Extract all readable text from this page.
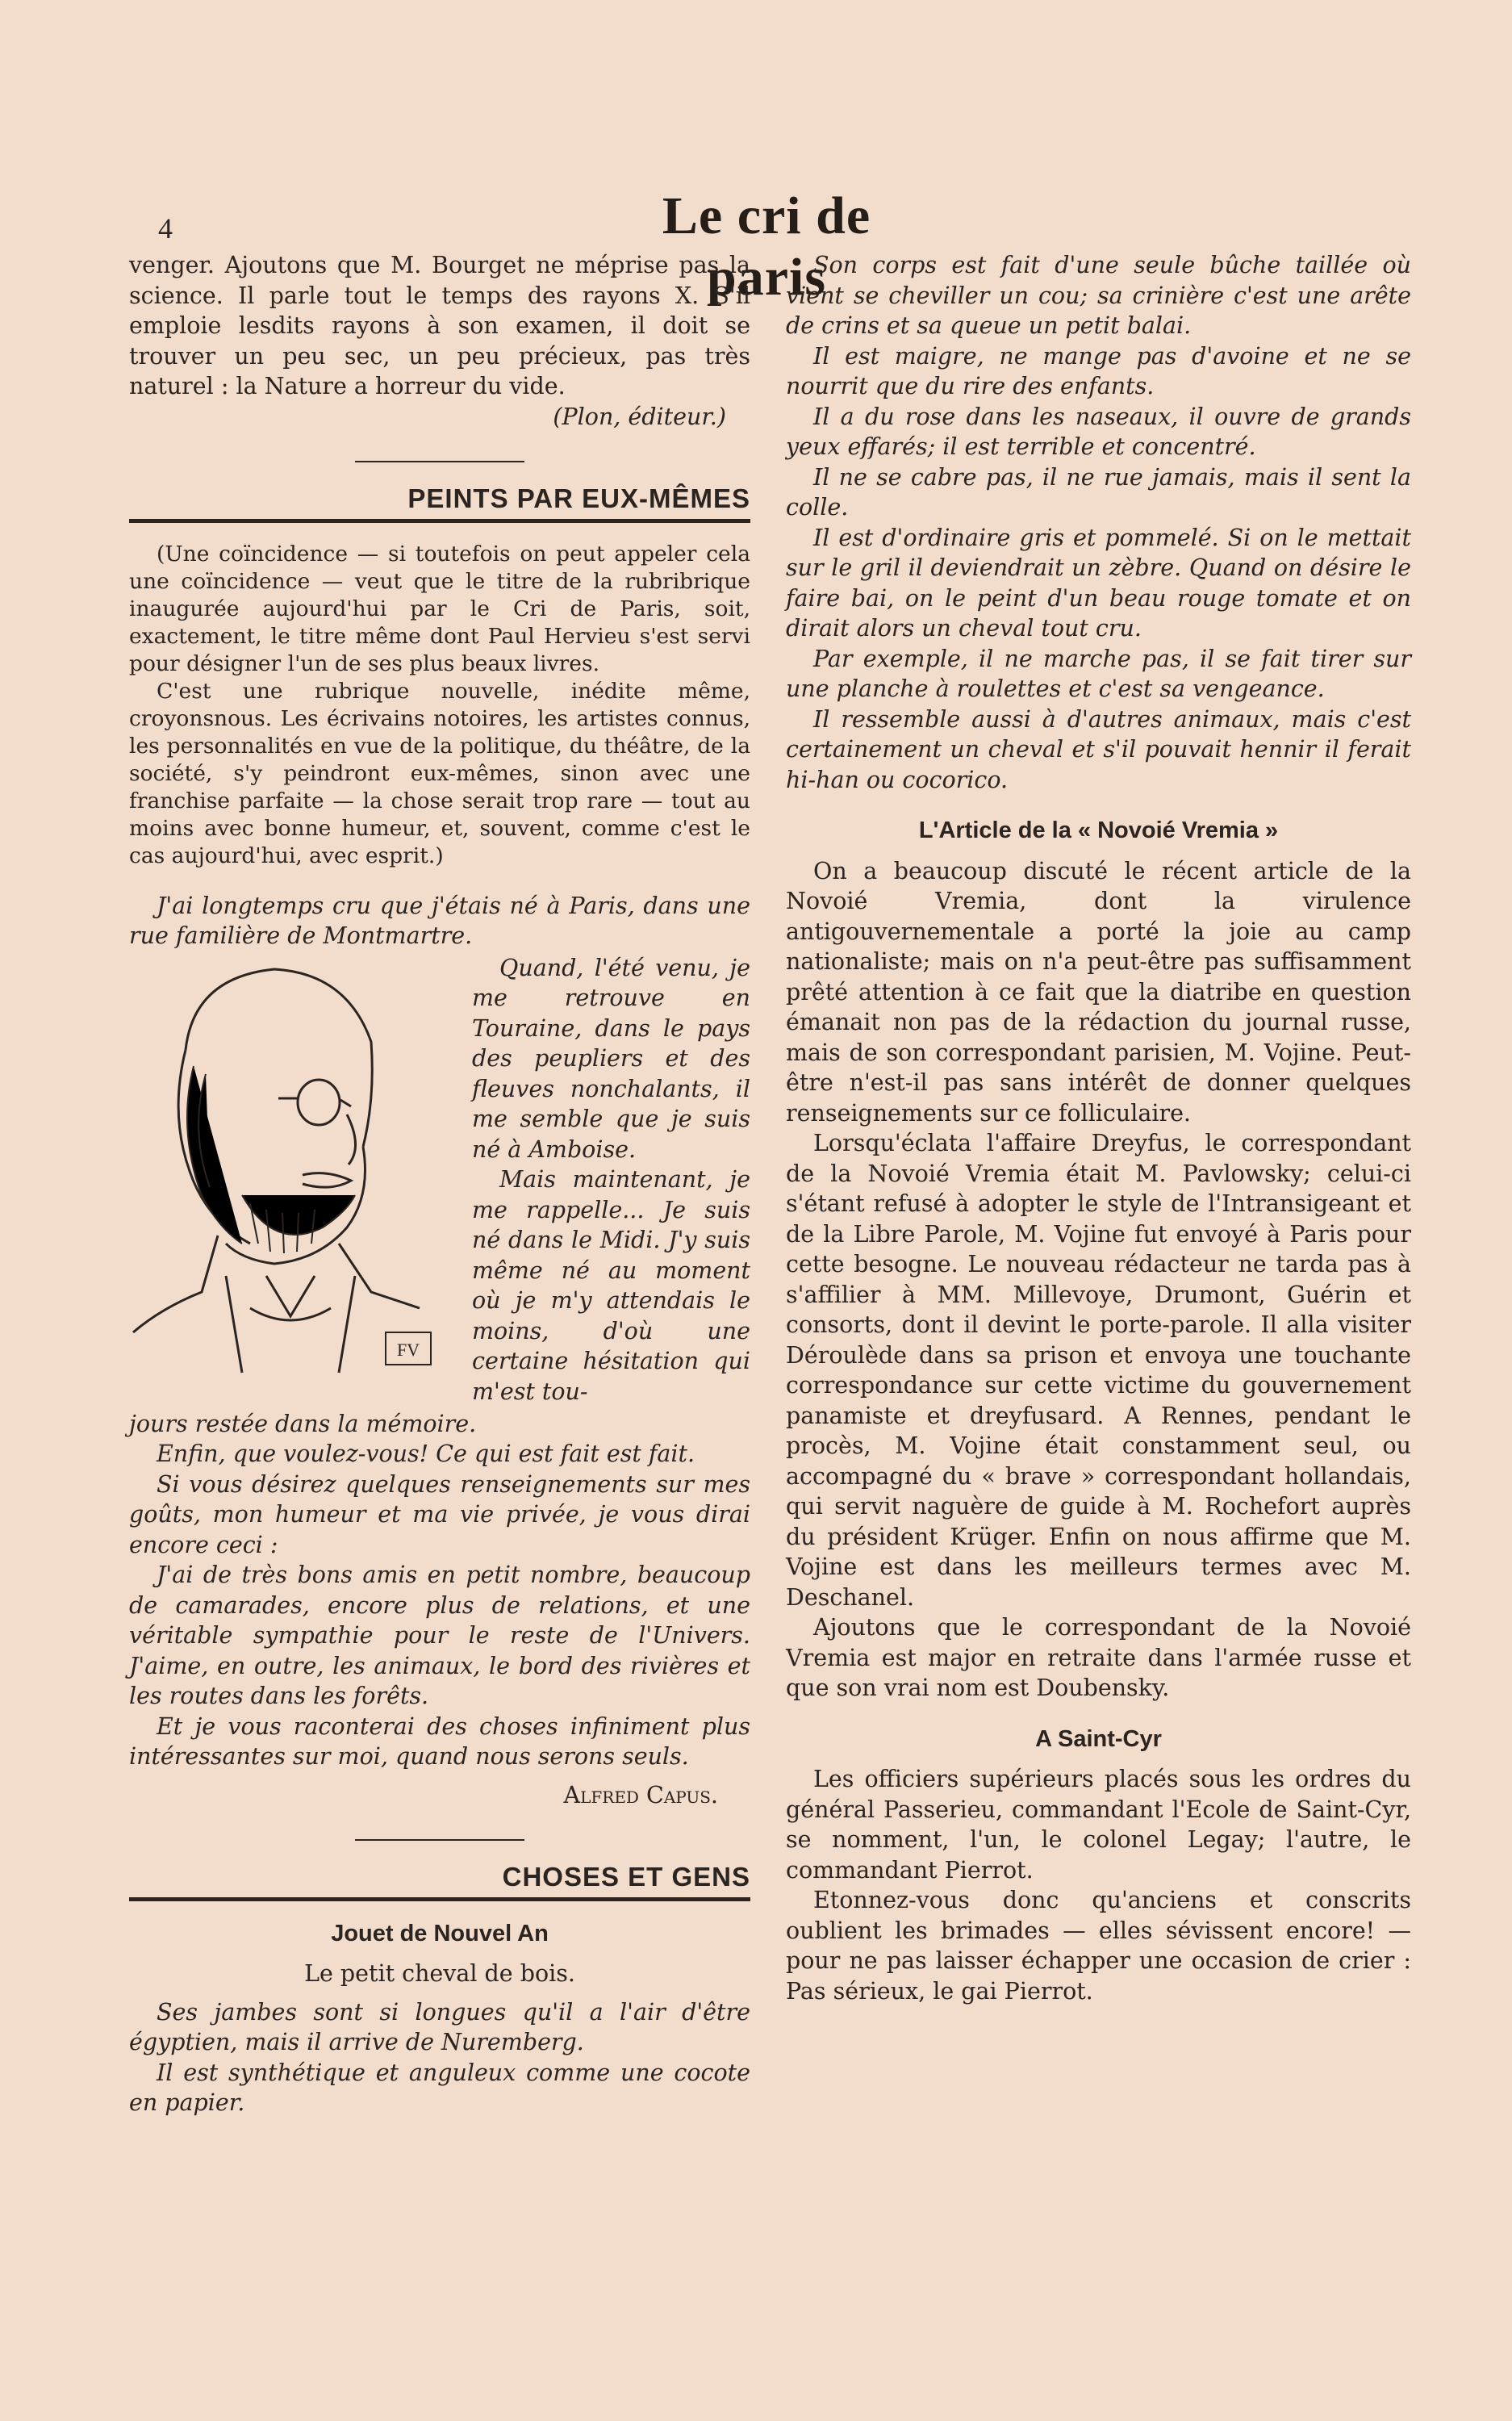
4	Le cri de paris

venger. Ajoutons que M. Bourget ne méprise pas la science. Il parle tout le temps des rayons X. S'il emploie lesdits rayons à son examen, il doit se trouver un peu sec, un peu précieux, pas très naturel : la Nature a horreur du vide.

(Plon, éditeur.)

PEINTS PAR EUX-MÊMES

(Une coïncidence — si toutefois on peut appeler cela une coïncidence — veut que le titre de la rubribrique inaugurée aujourd'hui par le Cri de Paris, soit, exactement, le titre même dont Paul Hervieu s'est servi pour désigner l'un de ses plus beaux livres.

C'est une rubrique nouvelle, inédite même, croyonsnous. Les écrivains notoires, les artistes connus, les personnalités en vue de la politique, du théâtre, de la société, s'y peindront eux-mêmes, sinon avec une franchise parfaite — la chose serait trop rare — tout au moins avec bonne humeur, et, souvent, comme c'est le cas aujourd'hui, avec esprit.)

J'ai longtemps cru que j'étais né à Paris, dans une rue familière de Montmartre.

FV

Quand, l'été venu, je me retrouve en Touraine, dans le pays des peupliers et des fleuves nonchalants, il me semble que je suis né à Amboise.

Mais maintenant, je me rappelle... Je suis né dans le Midi. J'y suis même né au moment où je m'y attendais le moins, d'où une certaine hésitation qui m'est tou-

jours restée dans la mémoire.

Enfin, que voulez-vous! Ce qui est fait est fait.

Si vous désirez quelques renseignements sur mes goûts, mon humeur et ma vie privée, je vous dirai encore ceci :

J'ai de très bons amis en petit nombre, beaucoup de camarades, encore plus de relations, et une véritable sympathie pour le reste de l'Univers. J'aime, en outre, les animaux, le bord des rivières et les routes dans les forêts.

Et je vous raconterai des choses infiniment plus intéressantes sur moi, quand nous serons seuls.

Alfred Capus.

CHOSES ET GENS
Jouet de Nouvel An

Le petit cheval de bois.

Ses jambes sont si longues qu'il a l'air d'être égyptien, mais il arrive de Nuremberg.

Il est synthétique et anguleux comme une cocote en papier.

Son corps est fait d'une seule bûche taillée où vient se cheviller un cou; sa crinière c'est une arête de crins et sa queue un petit balai.

Il est maigre, ne mange pas d'avoine et ne se nourrit que du rire des enfants.

Il a du rose dans les naseaux, il ouvre de grands yeux effarés; il est terrible et concentré.

Il ne se cabre pas, il ne rue jamais, mais il sent la colle.

Il est d'ordinaire gris et pommelé. Si on le mettait sur le gril il deviendrait un zèbre. Quand on désire le faire bai, on le peint d'un beau rouge tomate et on dirait alors un cheval tout cru.

Par exemple, il ne marche pas, il se fait tirer sur une planche à roulettes et c'est sa vengeance.

Il ressemble aussi à d'autres animaux, mais c'est certainement un cheval et s'il pouvait hennir il ferait hi-han ou cocorico.

L'Article de la « Novoié Vremia »

On a beaucoup discuté le récent article de la Novoié Vremia, dont la virulence antigouvernementale a porté la joie au camp nationaliste; mais on n'a peut-être pas suffisamment prêté attention à ce fait que la diatribe en question émanait non pas de la rédaction du journal russe, mais de son correspondant parisien, M. Vojine. Peut-être n'est-il pas sans intérêt de donner quelques renseignements sur ce folliculaire.

Lorsqu'éclata l'affaire Dreyfus, le correspondant de la Novoié Vremia était M. Pavlowsky; celui-ci s'étant refusé à adopter le style de l'Intransigeant et de la Libre Parole, M. Vojine fut envoyé à Paris pour cette besogne. Le nouveau rédacteur ne tarda pas à s'affilier à MM. Millevoye, Drumont, Guérin et consorts, dont il devint le porte-parole. Il alla visiter Déroulède dans sa prison et envoya une touchante correspondance sur cette victime du gouvernement panamiste et dreyfusard. A Rennes, pendant le procès, M. Vojine était constamment seul, ou accompagné du « brave » correspondant hollandais, qui servit naguère de guide à M. Rochefort auprès du président Krüger. Enfin on nous affirme que M. Vojine est dans les meilleurs termes avec M. Deschanel.

Ajoutons que le correspondant de la Novoié Vremia est major en retraite dans l'armée russe et que son vrai nom est Doubensky.

A Saint-Cyr

Les officiers supérieurs placés sous les ordres du général Passerieu, commandant l'Ecole de Saint-Cyr, se nomment, l'un, le colonel Legay; l'autre, le commandant Pierrot.

Etonnez-vous donc qu'anciens et conscrits oublient les brimades — elles sévissent encore! — pour ne pas laisser échapper une occasion de crier : Pas sérieux, le gai Pierrot.
